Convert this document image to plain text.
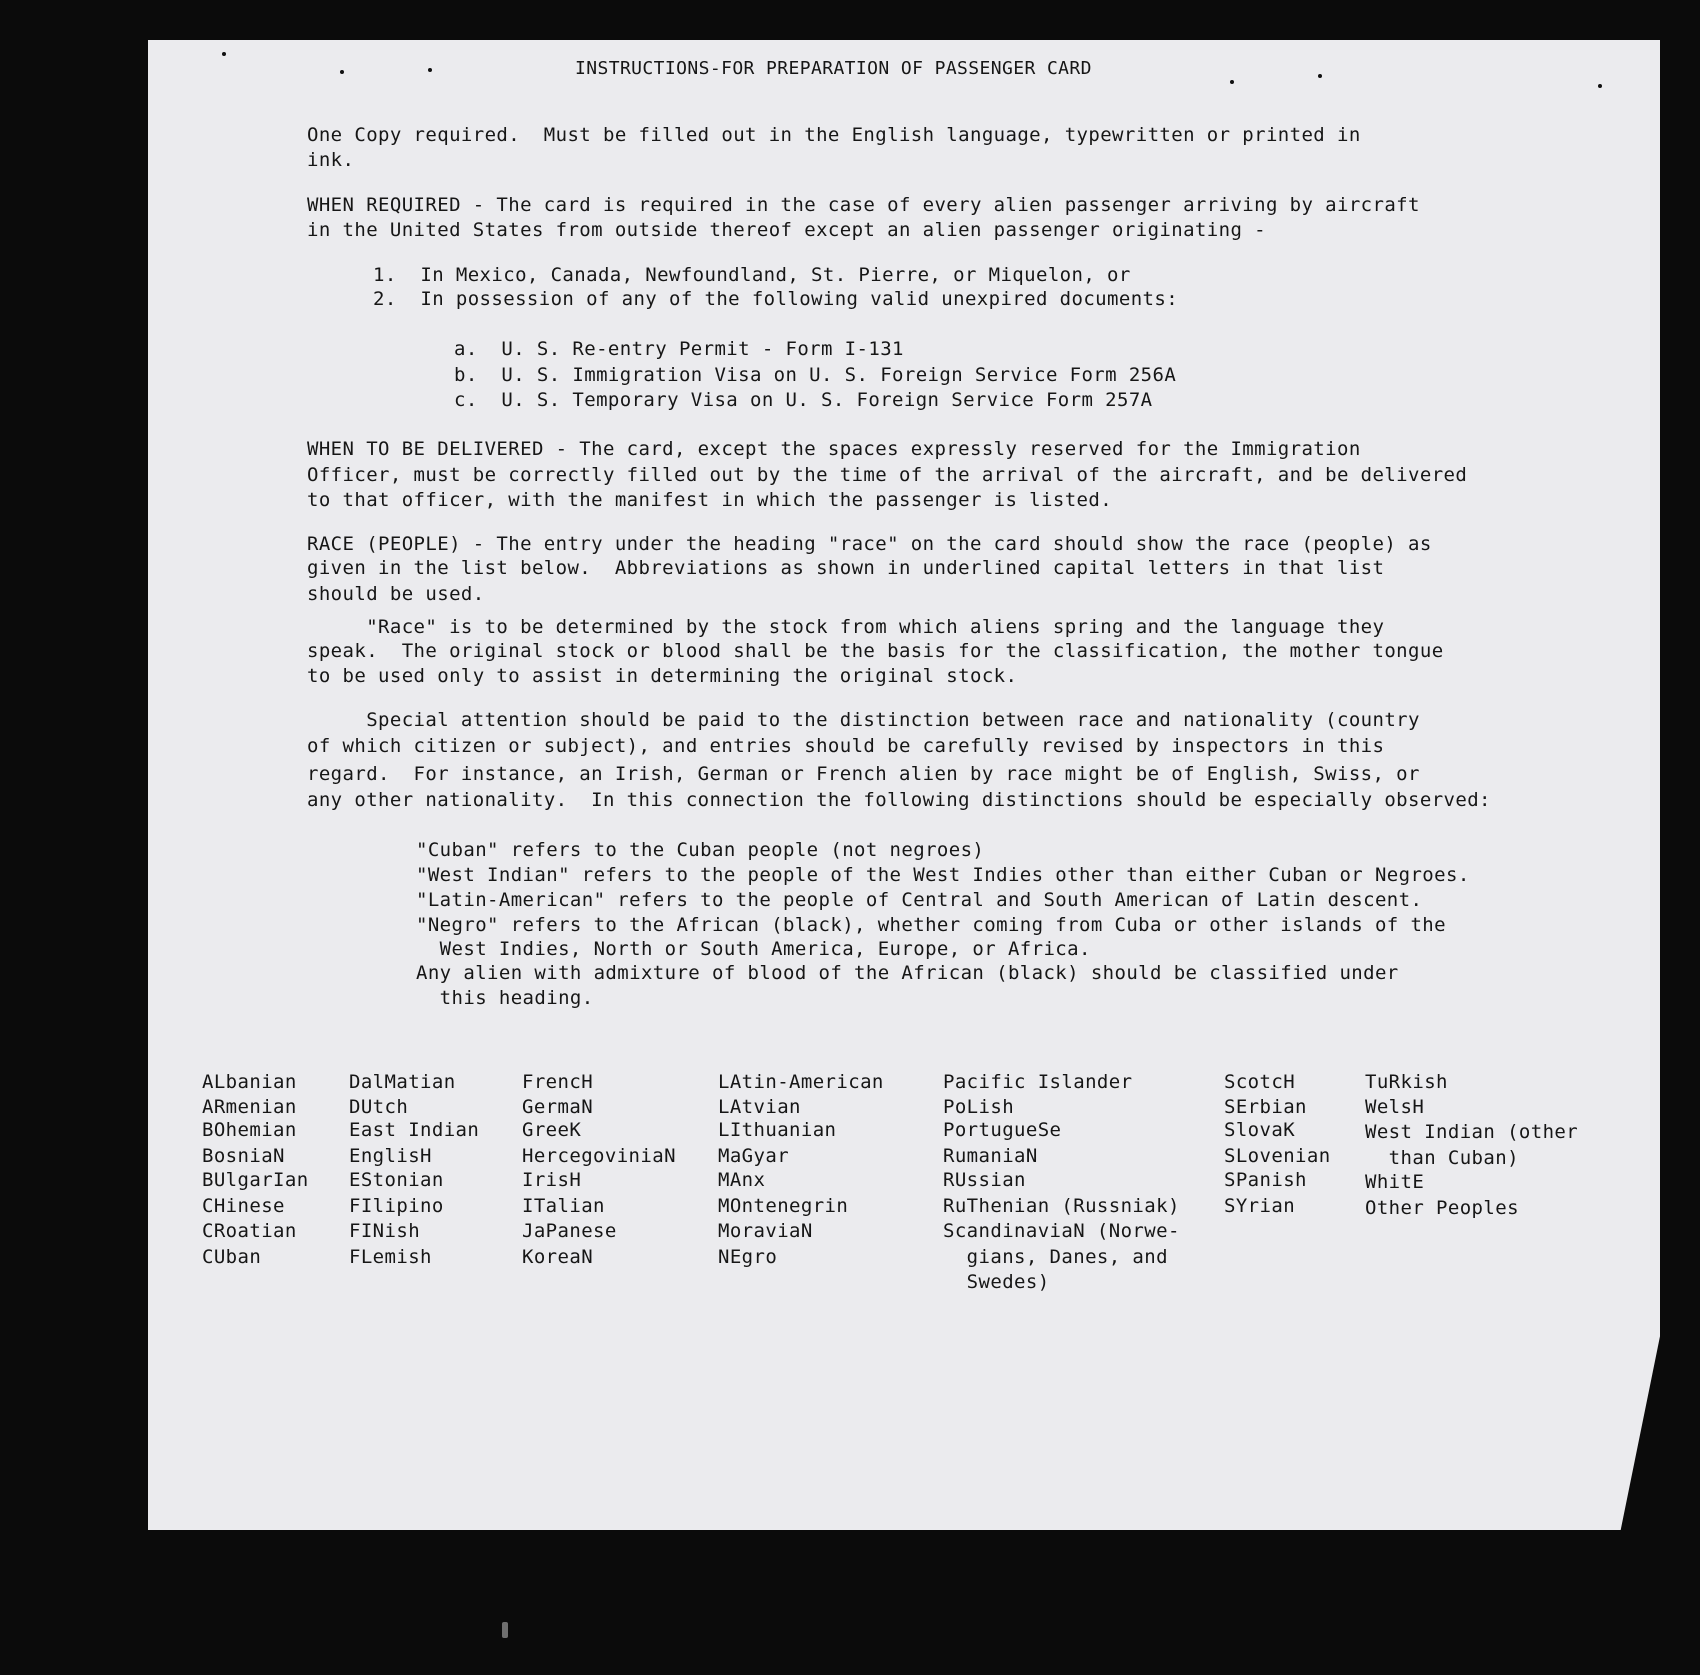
INSTRUCTIONS-FOR PREPARATION OF PASSENGER CARD
One Copy required.  Must be filled out in the English language, typewritten or printed in
ink.
WHEN REQUIRED - The card is required in the case of every alien passenger arriving by aircraft
in the United States from outside thereof except an alien passenger originating -
1.  In Mexico, Canada, Newfoundland, St. Pierre, or Miquelon, or
2.  In possession of any of the following valid unexpired documents:
a.  U. S. Re-entry Permit - Form I-131
b.  U. S. Immigration Visa on U. S. Foreign Service Form 256A
c.  U. S. Temporary Visa on U. S. Foreign Service Form 257A
WHEN TO BE DELIVERED - The card, except the spaces expressly reserved for the Immigration
Officer, must be correctly filled out by the time of the arrival of the aircraft, and be delivered
to that officer, with the manifest in which the passenger is listed.
RACE (PEOPLE) - The entry under the heading "race" on the card should show the race (people) as
given in the list below.  Abbreviations as shown in underlined capital letters in that list
should be used.
"Race" is to be determined by the stock from which aliens spring and the language they
speak.  The original stock or blood shall be the basis for the classification, the mother tongue
to be used only to assist in determining the original stock.
Special attention should be paid to the distinction between race and nationality (country
of which citizen or subject), and entries should be carefully revised by inspectors in this
regard.  For instance, an Irish, German or French alien by race might be of English, Swiss, or
any other nationality.  In this connection the following distinctions should be especially observed:
"Cuban" refers to the Cuban people (not negroes)
"West Indian" refers to the people of the West Indies other than either Cuban or Negroes.
"Latin-American" refers to the people of Central and South American of Latin descent.
"Negro" refers to the African (black), whether coming from Cuba or other islands of the
West Indies, North or South America, Europe, or Africa.
Any alien with admixture of blood of the African (black) should be classified under
this heading.
ALbanian
ARmenian
BOhemian
BosniaN
BUlgarIan
CHinese
CRoatian
CUban
DalMatian
DUtch
East Indian
EnglisH
EStonian
FIlipino
FINish
FLemish
FrencH
GermaN
GreeK
HercegoviniaN
IrisH
ITalian
JaPanese
KoreaN
LAtin-American
LAtvian
LIthuanian
MaGyar
MAnx
MOntenegrin
MoraviaN
NEgro
Pacific Islander
PoLish
PortugueSe
RumaniaN
RUssian
RuThenian (Russniak)
ScandinaviaN (Norwe-
gians, Danes, and
Swedes)
ScotcH
SErbian
SlovaK
SLovenian
SPanish
SYrian
TuRkish
WelsH
West Indian (other
than Cuban)
WhitE
Other Peoples
